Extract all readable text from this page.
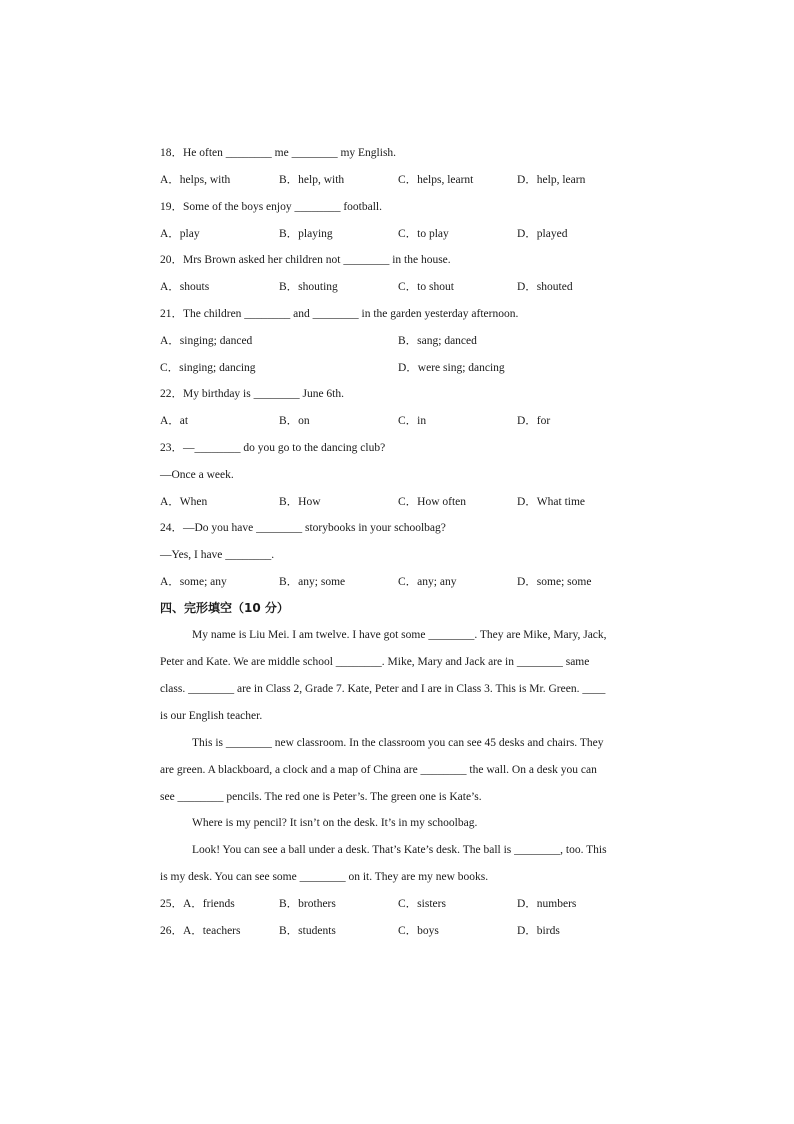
18．He often ________ me ________ my English.
A．helps, with	B．help, with	C．helps, learnt	D．help, learn
19．Some of the boys enjoy ________ football.
A．play	B．playing	C．to play	D．played
20．Mrs Brown asked her children not ________ in the house.
A．shouts	B．shouting	C．to shout	D．shouted
21．The children ________ and ________ in the garden yesterday afternoon.
A．singing; danced	B．sang; danced
C．singing; dancing	D．were sing; dancing
22．My birthday is ________ June 6th.
A．at	B．on	C．in	D．for
23．—________ do you go to the dancing club?
—Once a week.
A．When	B．How	C．How often	D．What time
24．—Do you have ________ storybooks in your schoolbag?
—Yes, I have ________.
A．some; any	B．any; some	C．any; any	D．some; some
四、完形填空（10 分）
My name is Liu Mei. I am twelve. I have got some ________. They are Mike, Mary, Jack,
Peter and Kate. We are middle school ________. Mike, Mary and Jack are in ________ same
class. ________ are in Class 2, Grade 7. Kate, Peter and I are in Class 3. This is Mr. Green. ____
is our English teacher.
This is ________ new classroom. In the classroom you can see 45 desks and chairs. They
are green. A blackboard, a clock and a map of China are ________ the wall. On a desk you can
see ________ pencils. The red one is Peter’s. The green one is Kate’s.
Where is my pencil? It isn’t on the desk. It’s in my schoolbag.
Look! You can see a ball under a desk. That’s Kate’s desk. The ball is ________, too. This
is my desk. You can see some ________ on it. They are my new books.
25．A．friends	B．brothers	C．sisters	D．numbers
26．A．teachers	B．students	C．boys	D．birds
